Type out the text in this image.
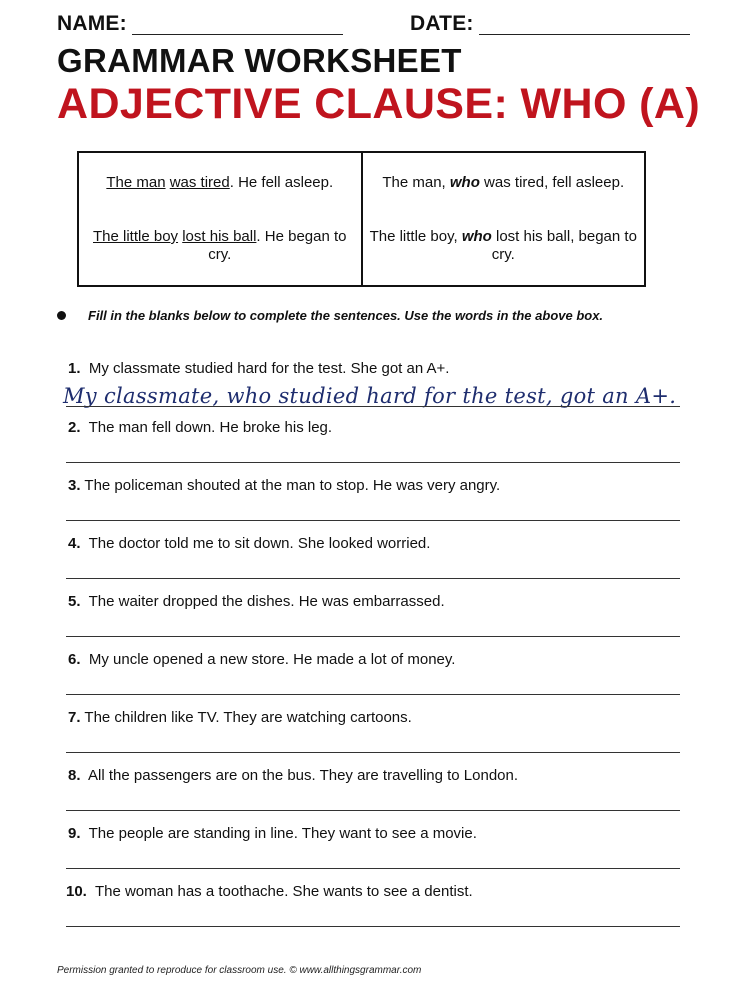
NAME:	DATE:
GRAMMAR WORKSHEET
ADJECTIVE CLAUSE: WHO (A)
The man was tired. He fell asleep.
The little boy lost his ball. He began to cry.
The man, who was tired, fell asleep.
The little boy, who lost his ball, began to cry.
Fill in the blanks below to complete the sentences. Use the words in the above box.
1. My classmate studied hard for the test. She got an A+.
My classmate, who studied hard for the test, got an A+.
2. The man fell down. He broke his leg.
3. The policeman shouted at the man to stop. He was very angry.
4. The doctor told me to sit down. She looked worried.
5. The waiter dropped the dishes. He was embarrassed.
6. My uncle opened a new store. He made a lot of money.
7. The children like TV. They are watching cartoons.
8. All the passengers are on the bus. They are travelling to London.
9. The people are standing in line. They want to see a movie.
10. The woman has a toothache. She wants to see a dentist.
Permission granted to reproduce for classroom use. © www.allthingsgrammar.com
